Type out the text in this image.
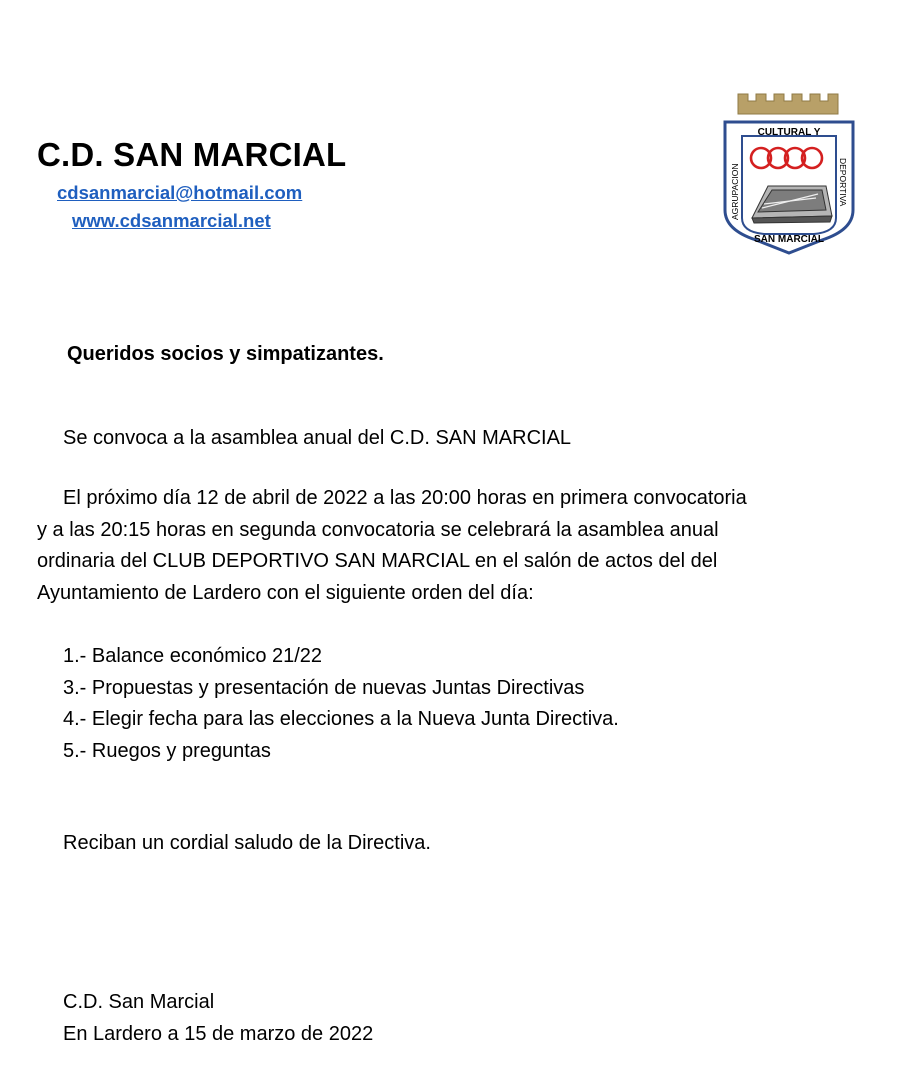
C.D. SAN MARCIAL
cdsanmarcial@hotmail.com
www.cdsanmarcial.net
CULTURAL Y
SAN MARCIAL
AGRUPACION	DEPORTIVA
Queridos socios y simpatizantes.
Se convoca a la asamblea anual del C.D. SAN MARCIAL
El próximo día 12 de abril de 2022 a las 20:00 horas en primera convocatoria
y a las 20:15 horas en segunda convocatoria se celebrará la asamblea anual
ordinaria del CLUB DEPORTIVO SAN MARCIAL en el salón de actos del del
Ayuntamiento de Lardero con el siguiente orden del día:
1.- Balance económico 21/22
3.- Propuestas y presentación de nuevas Juntas Directivas
4.- Elegir fecha para las elecciones a la Nueva Junta Directiva.
5.- Ruegos y preguntas
Reciban un cordial saludo de la Directiva.
C.D. San Marcial
En Lardero a 15 de marzo de 2022
